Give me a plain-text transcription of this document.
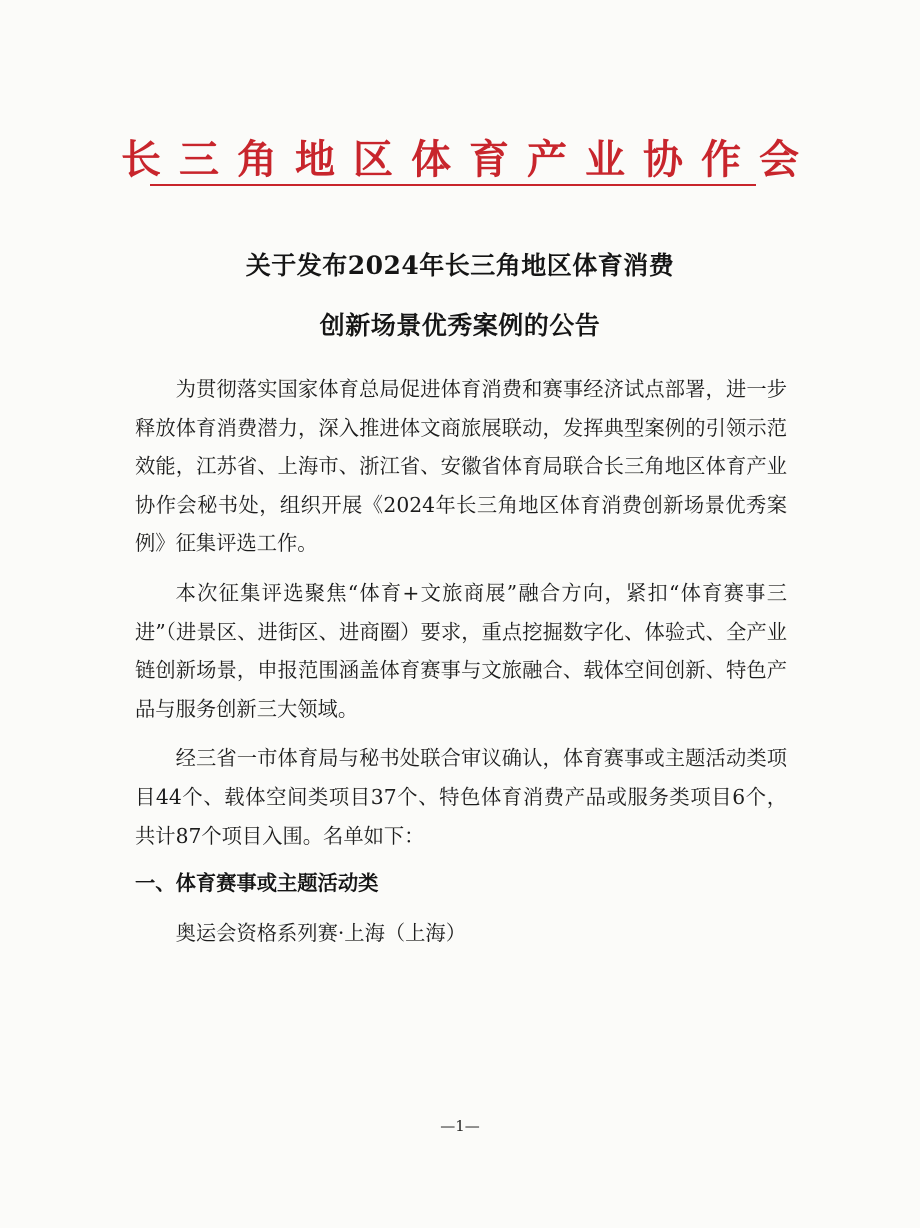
长三角地区体育产业协作会
关于发布2024年长三角地区体育消费
创新场景优秀案例的公告

为贯彻落实国家体育总局促进体育消费和赛事经济试点部署，进一步释放体育消费潜力，深入推进体文商旅展联动，发挥典型案例的引领示范效能，江苏省、上海市、浙江省、安徽省体育局联合长三角地区体育产业协作会秘书处，组织开展《2024年长三角地区体育消费创新场景优秀案例》征集评选工作。

本次征集评选聚焦“体育+文旅商展”融合方向，紧扣“体育赛事三进”（进景区、进街区、进商圈）要求，重点挖掘数字化、体验式、全产业链创新场景，申报范围涵盖体育赛事与文旅融合、载体空间创新、特色产品与服务创新三大领域。

经三省一市体育局与秘书处联合审议确认，体育赛事或主题活动类项目44个、载体空间类项目37个、特色体育消费产品或服务类项目6个，共计87个项目入围。名单如下：

一、体育赛事或主题活动类

奥运会资格系列赛·上海（上海）

—1—
